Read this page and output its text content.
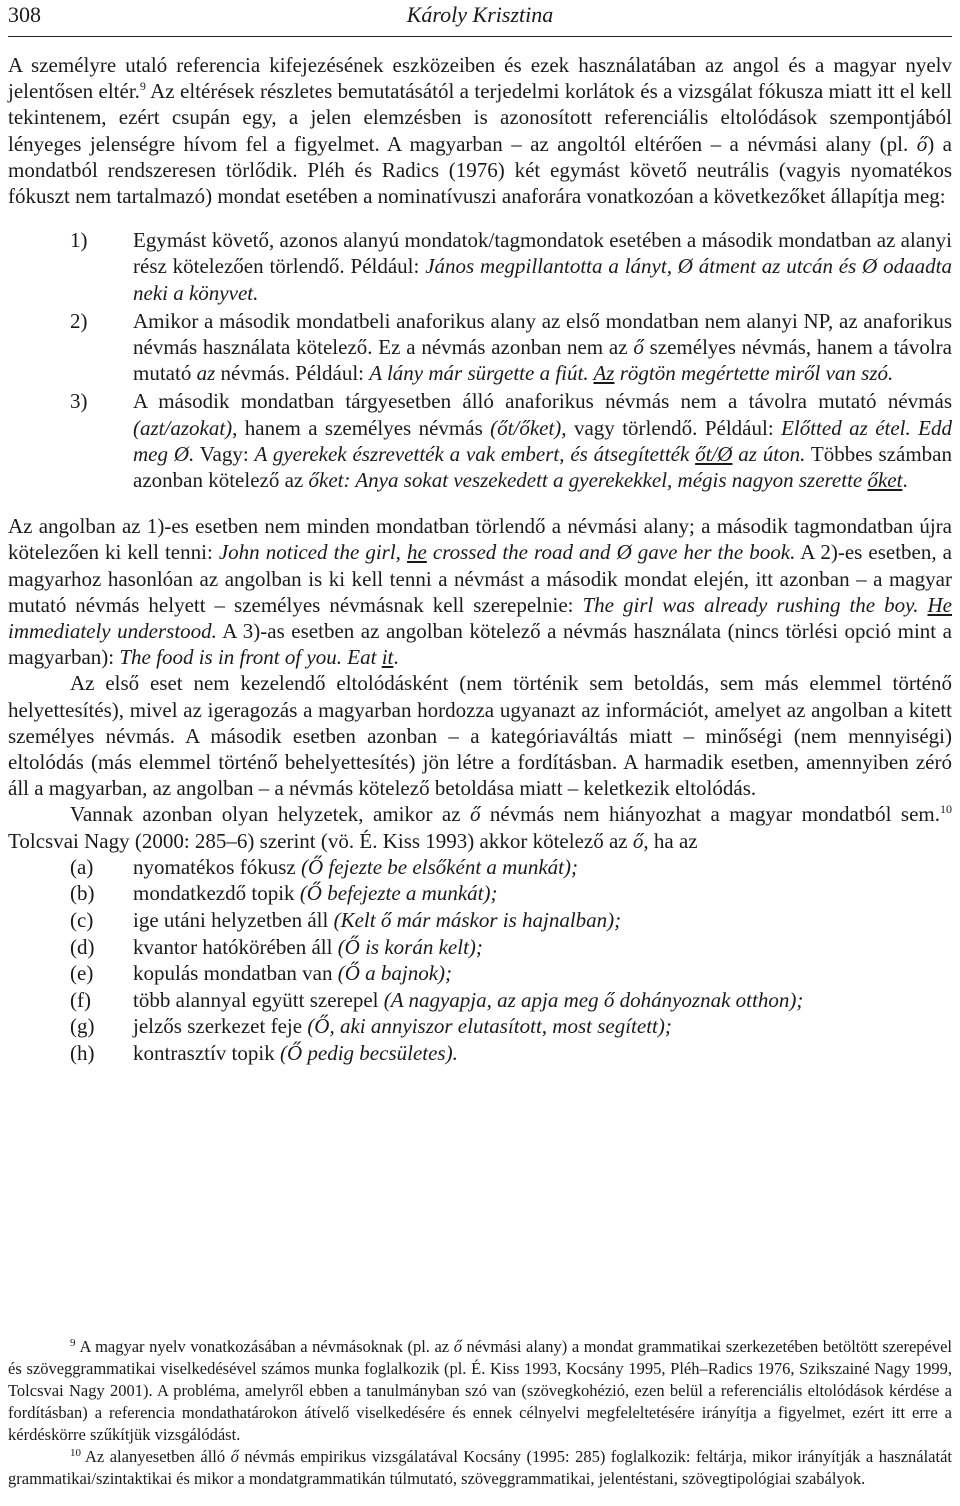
308	Károly Krisztina

A személyre utaló referencia kifejezésének eszközeiben és ezek használatában az angol és a magyar nyelv jelentősen eltér.$^9$ Az eltérések részletes bemutatásától a terjedelmi korlátok és a vizsgálat fókusza miatt itt el kell tekintenem, ezért csupán egy, a jelen elemzésben is azonosított referenciális eltolódások szempontjából lényeges jelenségre hívom fel a figyelmet. A magyarban – az angoltól eltérően – a névmási alany (pl. ő) a mondatból rendszeresen törlődik. Pléh és Radics (1976) két egymást követő neutrális (vagyis nyomatékos fókuszt nem tartalmazó) mondat esetében a nominatívuszi anaforára vonatkozóan a következőket állapítja meg:

1) Egymást követő, azonos alanyú mondatok/tagmondatok esetében a második mondatban az alanyi rész kötelezően törlendő. Például: János megpillantotta a lányt, Ø átment az utcán és Ø odaadta neki a könyvet.
2) Amikor a második mondatbeli anaforikus alany az első mondatban nem alanyi NP, az anaforikus névmás használata kötelező. Ez a névmás azonban nem az ő személyes névmás, hanem a távolra mutató az névmás. Például: A lány már sürgette a fiút. Az rögtön megértette miről van szó.
3) A második mondatban tárgyesetben álló anaforikus névmás nem a távolra mutató névmás (azt/azokat), hanem a személyes névmás (őt/őket), vagy törlendő. Például: Előtted az étel. Edd meg Ø. Vagy: A gyerekek észrevették a vak embert, és átsegítették őt/Ø az úton. Többes számban azonban kötelező az őket: Anya sokat veszekedett a gyerekekkel, mégis nagyon szerette őket.

Az angolban az 1)-es esetben nem minden mondatban törlendő a névmási alany; a második tagmondatban újra kötelezően ki kell tenni: John noticed the girl, he crossed the road and Ø gave her the book. A 2)-es esetben, a magyarhoz hasonlóan az angolban is ki kell tenni a névmást a második mondat elején, itt azonban – a magyar mutató névmás helyett – személyes névmásnak kell szerepelnie: The girl was already rushing the boy. He immediately understood. A 3)-as esetben az angolban kötelező a névmás használata (nincs törlési opció mint a magyarban): The food is in front of you. Eat it.

Az első eset nem kezelendő eltolódásként (nem történik sem betoldás, sem más elemmel történő helyettesítés), mivel az igeragozás a magyarban hordozza ugyanazt az információt, amelyet az angolban a kitett személyes névmás. A második esetben azonban – a kategóriaváltás miatt – minőségi (nem mennyiségi) eltolódás (más elemmel történő behelyettesítés) jön létre a fordításban. A harmadik esetben, amennyiben zéró áll a magyarban, az angolban – a névmás kötelező betoldása miatt – keletkezik eltolódás.

Vannak azonban olyan helyzetek, amikor az ő névmás nem hiányozhat a magyar mondatból sem.$^{10}$ Tolcsvai Nagy (2000: 285–6) szerint (vö. É. Kiss 1993) akkor kötelező az ő, ha az

(a) nyomatékos fókusz (Ő fejezte be elsőként a munkát);
(b) mondatkezdő topik (Ő befejezte a munkát);
(c) ige utáni helyzetben áll (Kelt ő már máskor is hajnalban);
(d) kvantor hatókörében áll (Ő is korán kelt);
(e) kopulás mondatban van (Ő a bajnok);
(f) több alannyal együtt szerepel (A nagyapja, az apja meg ő dohányoznak otthon);
(g) jelzős szerkezet feje (Ő, aki annyiszor elutasított, most segített);
(h) kontrasztív topik (Ő pedig becsületes).

$^9$ A magyar nyelv vonatkozásában a névmásoknak (pl. az ő névmási alany) a mondat grammatikai szerkezetében betöltött szerepével és szöveggrammatikai viselkedésével számos munka foglalkozik (pl. É. Kiss 1993, Kocsány 1995, Pléh–Radics 1976, Szikszainé Nagy 1999, Tolcsvai Nagy 2001). A probléma, amelyről ebben a tanulmányban szó van (szövegkohézió, ezen belül a referenciális eltolódások kérdése a fordításban) a referencia mondathatárokon átívelő viselkedésére és ennek célnyelvi megfeleltetésére irányítja a figyelmet, ezért itt erre a kérdéskörre szűkítjük vizsgálódást.

$^{10}$ Az alanyesetben álló ő névmás empirikus vizsgálatával Kocsány (1995: 285) foglalkozik: feltárja, mikor irányítják a használatát grammatikai/szintaktikai és mikor a mondatgrammatikán túlmutató, szöveggrammatikai, jelentéstani, szövegtipológiai szabályok.
